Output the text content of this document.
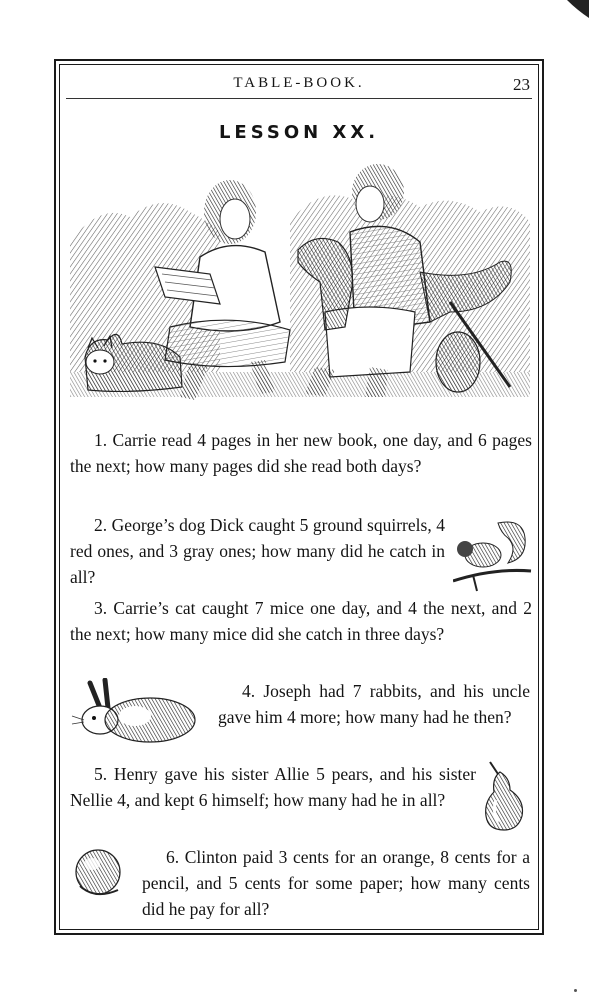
TABLE-BOOK.	23
LESSON XX.

1. Carrie read 4 pages in her new book, one day, and 6 pages the next; how many pages did she read both days?

2. George’s dog Dick caught 5 ground squirrels, 4 red ones, and 3 gray ones; how many did he catch in all?

3. Carrie’s cat caught 7 mice one day, and 4 the next, and 2 the next; how many mice did she catch in three days?

4. Joseph had 7 rabbits, and his uncle gave him 4 more; how many had he then?

5. Henry gave his sister Allie 5 pears, and his sister Nellie 4, and kept 6 himself; how many had he in all?

6. Clinton paid 3 cents for an orange, 8 cents for a pencil, and 5 cents for some paper; how many cents did he pay for all?
